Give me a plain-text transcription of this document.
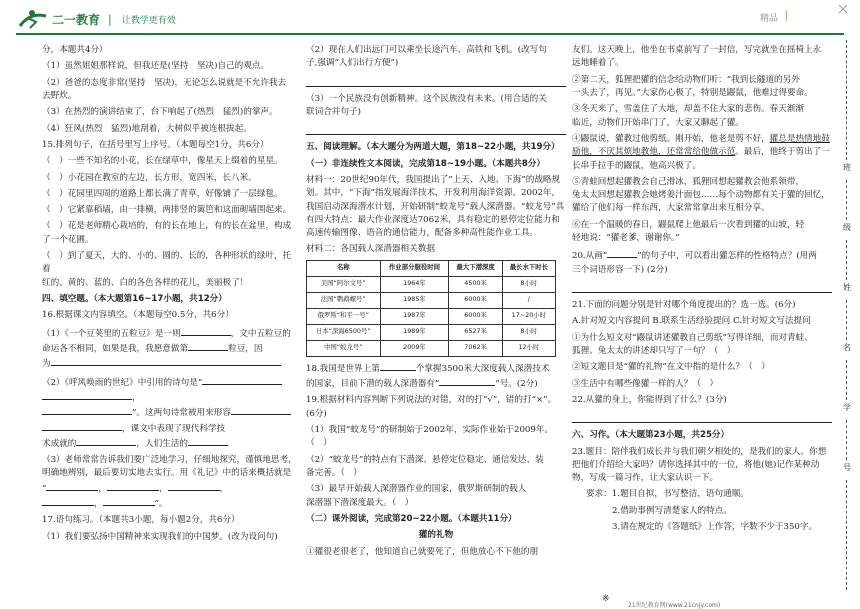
二一教育 | 让教学更有效	精品 |

分，本题共4分）

（1）虽然姐姐那样说，但我还是(坚持　坚决)自己的观点。

（2）爸爸的态度非常(坚持　坚决)，无论怎么说就是不允许我去
去野炊。

（3）在热烈的演讲结束了，台下响起了(热烈　猛烈)的掌声。

（4）狂风(热烈　猛烈)地刮着，大树似乎被连根拔起。

15.排列句子，在括号里写上序号。（本题每空1分，共6分）

（　）一些不知名的小花，长在绿草中，像星天上缀着的星星。

（　）小花园在教室的左边，长方形，宽四米，长八米。

（　）花园里四周的道路上都长满了青草，好像铺了一层绿毯。

（　）它紧靠稻墙，由一排横，两排竖的篱笆和这面砌墙围起来。

（　）花是老师精心栽培的，有的长在地上，有的长在盆里，构成
了一个花圃。

（　）到了夏天，大的、小的、圆的、长的，各种形状的绿叶，托着
红的、黄的、蓝的、白的各色各样的花儿，美丽极了！

四、填空题。（本大题第16~17小题，共12分）

16.根据课文内容填空。（本题每空0.5分，共6分）

（1）《一个豆荚里的五粒豆》是一则	，文中五粒豆的
命运各不相同，如果是我，我愿意做第	粒豆，因
为

（2）《呼风唤雨的世纪》中引用的诗句是“
，
”。这两句诗常被用来形容
，课文中表现了现代科学技
术成就的	，人们生活的

（3）老师常常告诉我们要广泛地学习，仔细地探究，谨慎地思考，
明确地辨别，最后要切实地去实行。用《礼记》中的话来概括就是
“	，	，	，
，	”。

17.语句练习。（本题共3小题，每小题2分，共6分）

（1）我们要弘扬中国精神来实现我们的中国梦。(改为设问句)

（2）现在人们出远门可以乘坐长途汽车、高铁和飞机。(改写句
子,强调“人们出行方便”)

（3）一个民族没有创新精神。这个民族没有未来。(用合适的关
联词合并句子)

五、阅读理解。（本大题分为两道大题，第18~22小题，共19分）

（一）非连续性文本阅读，完成第18~19小题。（本题共8分）

材料一：20世纪90年代，我国提出了“上天、入地、下海”的战略规划。其中，“下海”指发展海洋技术，开发利用海洋资源。2002年，我国启动深海潜水计划，开始研制“蛟龙号”载人深潜器。“蛟龙号”具有四大特点：最大作业深度达7062米，具有稳定的悬停定位能力和高速传输图像、语音的通信能力，配备多种高性能作业工具。

材料二：各国载人深潜器相关数据

名称	作业部分服役时间	最大下潜深度	最长水下时长
美国“阿尔文号”	1964年	4500米	8小时
法国“鹦鹉螺号”	1985年	6000米	/
俄罗斯“和平一号”	1987年	6000米	17~20小时
日本“深海6500号”	1989年	6527米	8小时
中国“蛟龙号”	2009年	7062米	12小时

18.我国是世界上第	个掌握3500米大深度载人深潜技术
的国家，目前下潜的载人深潜器有“	”号。(2分)

19.根据材料内容判断下列说法的对错，对的打“√”，错的打“×”。
(6分)

（1）我国“蛟龙号”的研制始于2002年，实际作业始于2009年。
（　）

（2）“蛟龙号”的特点有下潜深、悬停定位稳定、通信发达、装
备完善。（　）

（3）最早开始载人深潜器作业的国家，俄罗斯研制的载人
深潜器下潜深度最大。（　）

（二）课外阅读，完成第20~22小题。（本题共11分）

獾的礼物

①獾很老很老了，他知道自己就要死了，但他放心不下他的朋

友们。这天晚上，他坐在书桌前写了一封信，写完就坐在摇椅上永
远地睡着了。

②第二天，狐狸把獾的信念给动物们听：“我到长隧道的另外
一头去了，再见。”大家伤心极了，特别是鼹鼠，他难过得要命。

③冬天来了，雪盖住了大地，却盖不住大家的悲伤。春天渐渐
临近，动物们开始串门了，大家又聊起了獾。

④鼹鼠说，獾教过他剪纸。刚开始，他老是剪不好，獾总是热情地鼓励他，不厌其烦地教他，还常常给他做示范。最后，他终于剪出了一长串手拉手的鼹鼠，他高兴极了。

⑤青蛙回想起獾教会自己滑冰，狐狸回想起獾教会他系领带，
兔太太回想起獾教会她烤姜汁面包……每个动物都有关于獾的回忆，
獾给了他们每一样东西，大家常常拿出来互相分享。

⑥在一个温暖的春日，鼹鼠爬上他最后一次看到獾的山坡，轻
轻地说：“獾老爹，谢谢你。”

20.从画“	”的句子中，可以看出獾怎样的性格特点？(用两
三个词语形容一下) (2分)

21.下面的问题分别是针对哪个角度提出的？选一选。(6分)

A.针对短文内容提问 B.联系生活经验提问 C.针对短文写法提问

①为什么短文对“鼹鼠讲述獾教自己剪纸”写得详细，而对青蛙、
狐狸、兔太太的讲述却只写了一句？（　）

②短文题目是“獾的礼物”在文中指的是什么？（　）

③生活中有哪些像獾一样的人？（　）

22.从獾的身上，你能得到了什么？(3分)

六、习作。（本大题第23小题，共25分）

23.题目：陪伴我们成长并与我们朝夕相处的，是我们的家人。你想
把他们介绍给大家吗？请你选择其中的一位，将他(她)记作某种动
物，写成一篇习作，让大家认识一下。

要求：1.题目自拟，书写整洁，语句通顺。

2.借助事例写清楚家人的特点。

3.请在规定的《答题纸》上作答，字数不少于350字。

班
级
姓
名
学
号
※
21世纪教育网(www.21cnjy.com)
